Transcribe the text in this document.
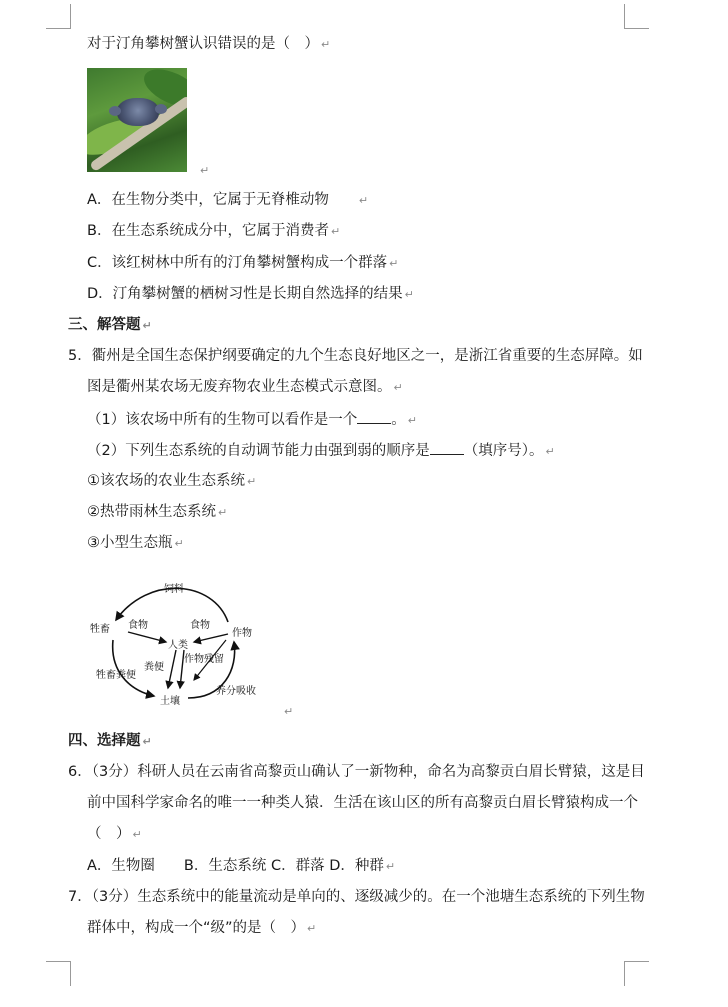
对于汀角攀树蟹认识错误的是（　） ↵
↵
A．在生物分类中，它属于无脊椎动物	↵
B．在生态系统成分中，它属于消费者 ↵
C．该红树林中所有的汀角攀树蟹构成一个群落 ↵
D．汀角攀树蟹的栖树习性是长期自然选择的结果 ↵
三、解答题 ↵
5．衢州是全国生态保护纲要确定的九个生态良好地区之一，是浙江省重要的生态屏障。如
图是衢州某农场无废弃物农业生态模式示意图。 ↵
（1）该农场中所有的生物可以看作是一个 。 ↵
（2）下列生态系统的自动调节能力由强到弱的顺序是 （填序号）。 ↵
①该农场的农业生态系统 ↵
②热带雨林生态系统 ↵
③小型生态瓶 ↵
饲料
牲畜 食物	食物
人类
作物
粪便
作物残留
牲畜粪便
土壤
养分吸收
↵
四、选择题 ↵
6．（3分）科研人员在云南省高黎贡山确认了一新物种，命名为高黎贡白眉长臂猿，这是目
前中国科学家命名的唯一一种类人猿．生活在该山区的所有高黎贡白眉长臂猿构成一个
（　） ↵
A．生物圈　　B．生态系统 C．群落 D．种群 ↵
7．（3分）生态系统中的能量流动是单向的、逐级减少的。在一个池塘生态系统的下列生物
群体中，构成一个“级”的是（　） ↵
